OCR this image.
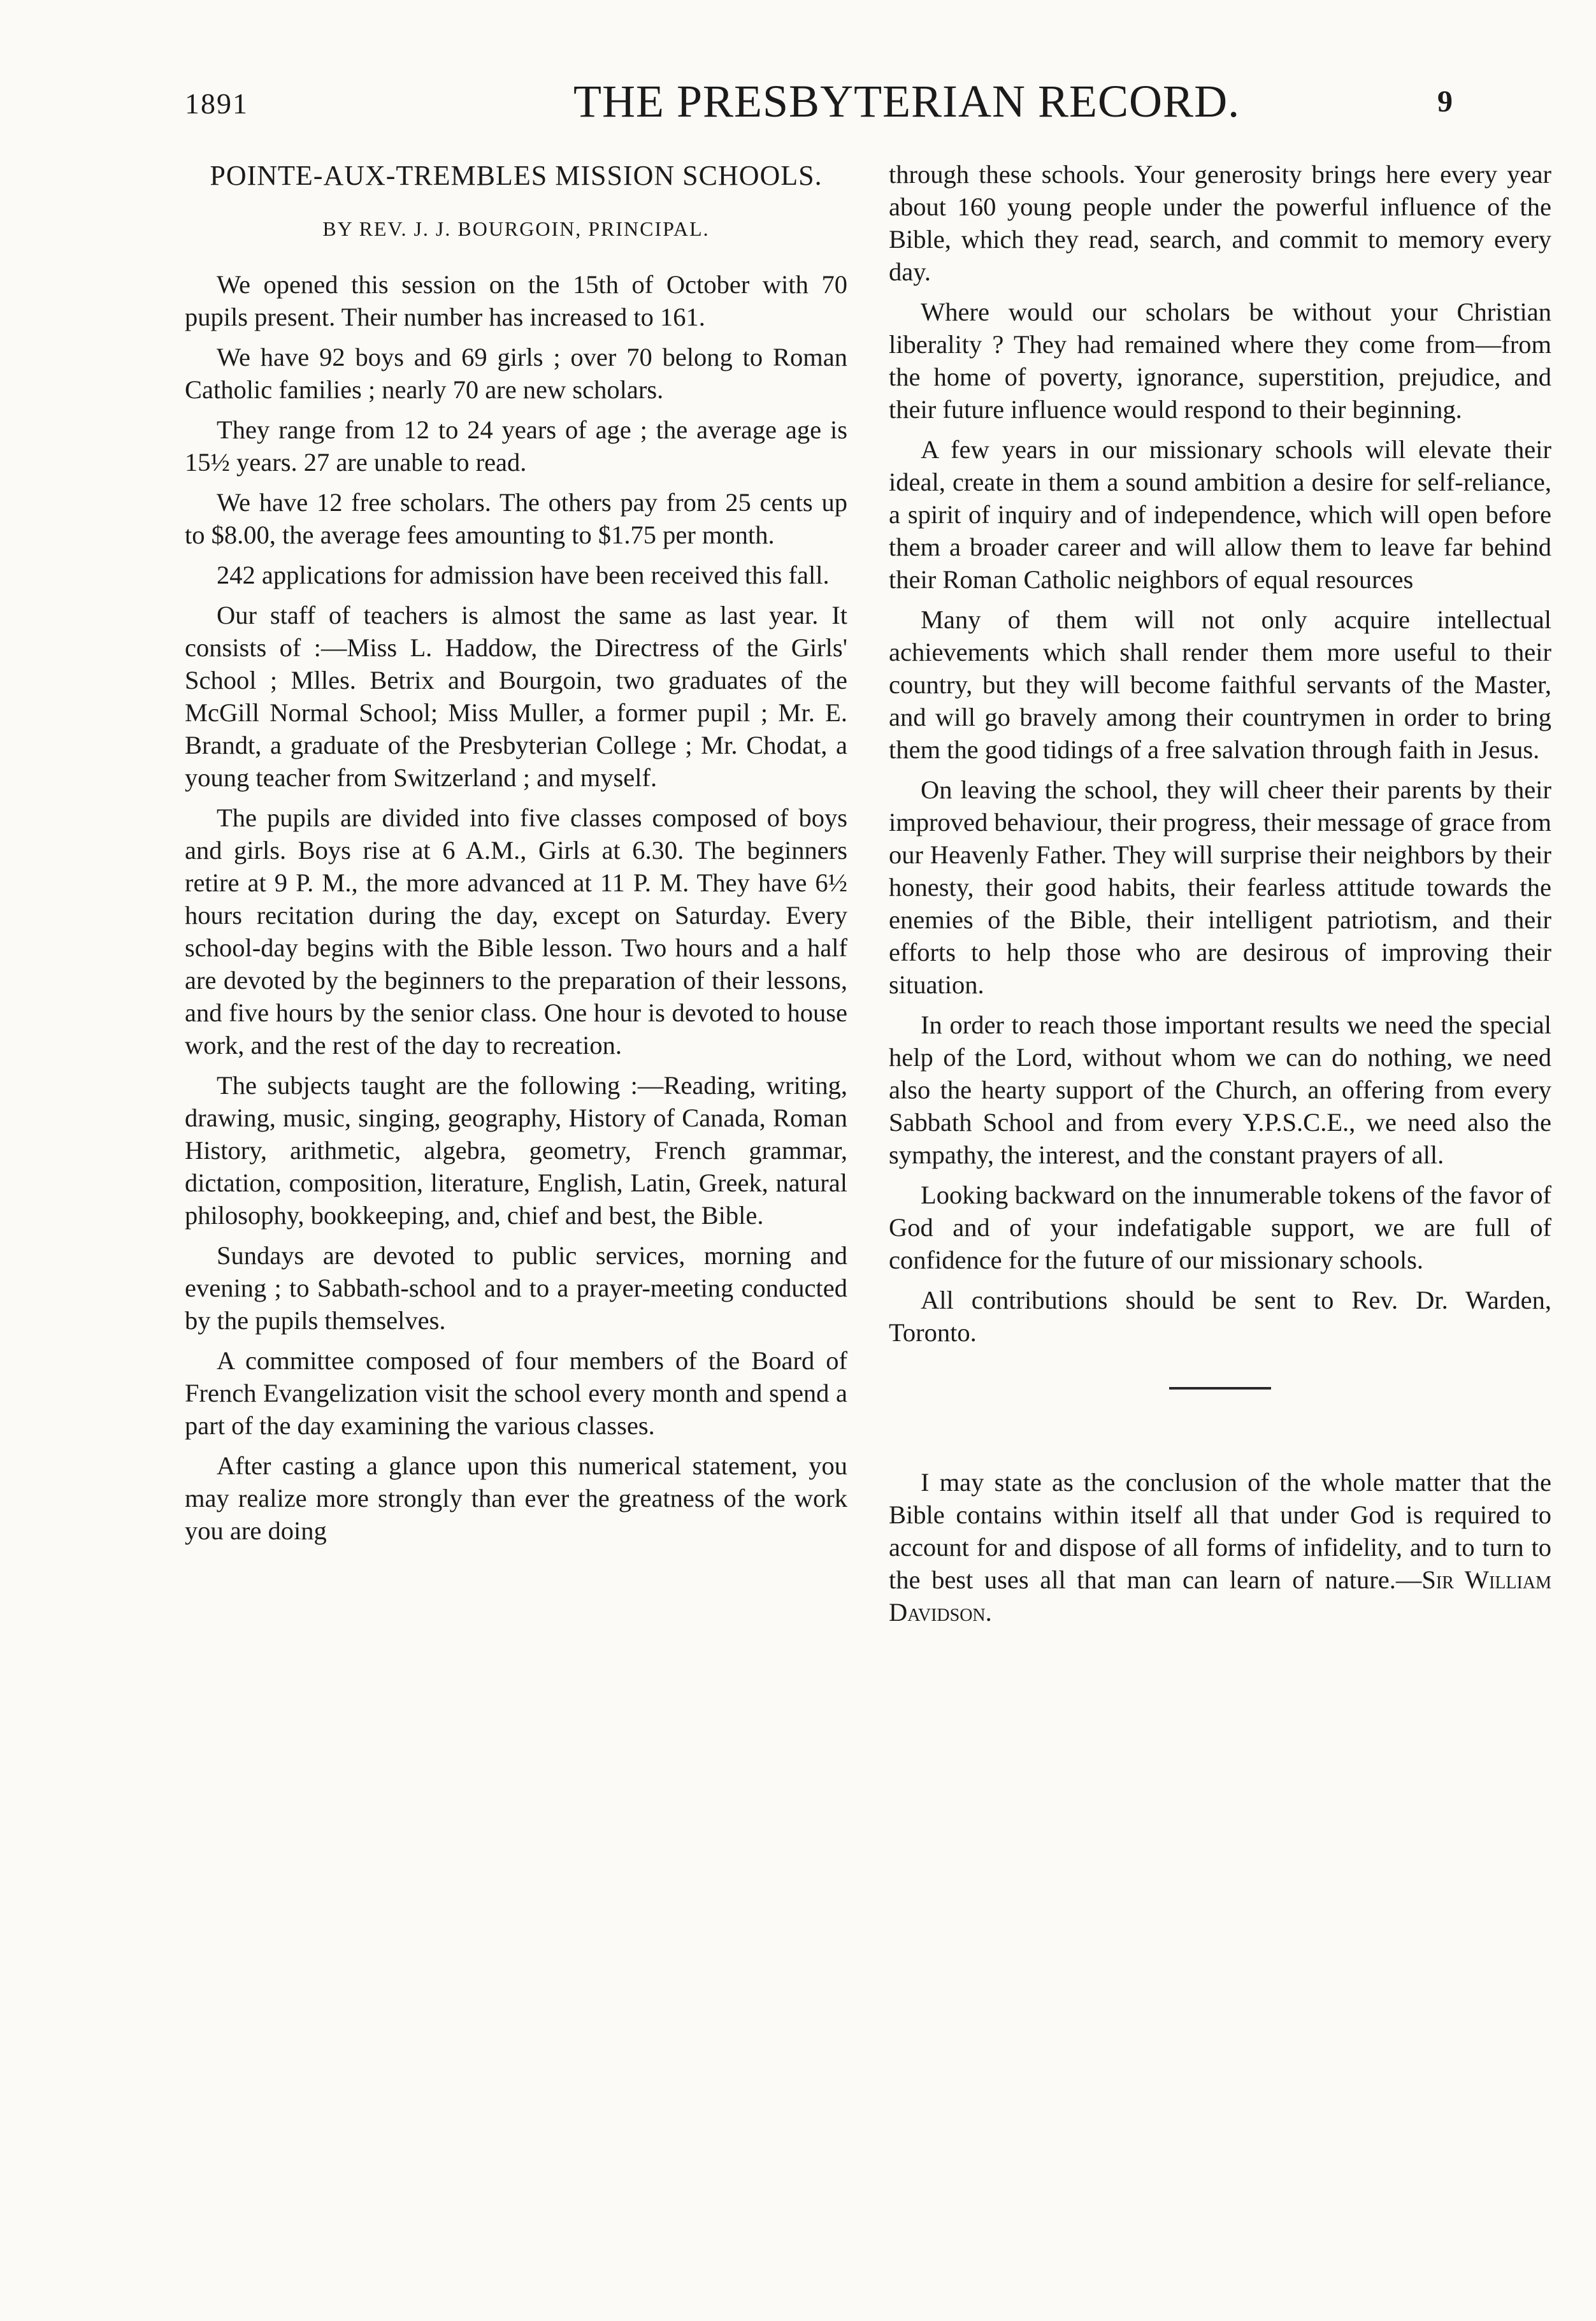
1891	THE PRESBYTERIAN RECORD.	9
POINTE-AUX-TREMBLES MISSION SCHOOLS.
BY REV. J. J. BOURGOIN, PRINCIPAL.

We opened this session on the 15th of October with 70 pupils present. Their number has increased to 161.

We have 92 boys and 69 girls ; over 70 belong to Roman Catholic families ; nearly 70 are new scholars.

They range from 12 to 24 years of age ; the average age is 15½ years. 27 are unable to read.

We have 12 free scholars. The others pay from 25 cents up to $8.00, the average fees amounting to $1.75 per month.

242 applications for admission have been received this fall.

Our staff of teachers is almost the same as last year. It consists of :—Miss L. Haddow, the Directress of the Girls' School ; Mlles. Betrix and Bourgoin, two graduates of the McGill Normal School; Miss Muller, a former pupil ; Mr. E. Brandt, a graduate of the Presbyterian College ; Mr. Chodat, a young teacher from Switzerland ; and myself.

The pupils are divided into five classes composed of boys and girls. Boys rise at 6 A.M., Girls at 6.30. The beginners retire at 9 P. M., the more advanced at 11 P. M. They have 6½ hours recitation during the day, except on Saturday. Every school-day begins with the Bible lesson. Two hours and a half are devoted by the beginners to the preparation of their lessons, and five hours by the senior class. One hour is devoted to house work, and the rest of the day to recreation.

The subjects taught are the following :—Reading, writing, drawing, music, singing, geography, History of Canada, Roman History, arithmetic, algebra, geometry, French grammar, dictation, composition, literature, English, Latin, Greek, natural philosophy, bookkeeping, and, chief and best, the Bible.

Sundays are devoted to public services, morning and evening ; to Sabbath-school and to a prayer-meeting conducted by the pupils themselves.

A committee composed of four members of the Board of French Evangelization visit the school every month and spend a part of the day examining the various classes.

After casting a glance upon this numerical statement, you may realize more strongly than ever the greatness of the work you are doing

through these schools. Your generosity brings here every year about 160 young people under the powerful influence of the Bible, which they read, search, and commit to memory every day.

Where would our scholars be without your Christian liberality ? They had remained where they come from—from the home of poverty, ignorance, superstition, prejudice, and their future influence would respond to their beginning.

A few years in our missionary schools will elevate their ideal, create in them a sound ambition a desire for self-reliance, a spirit of inquiry and of independence, which will open before them a broader career and will allow them to leave far behind their Roman Catholic neighbors of equal resources

Many of them will not only acquire intellectual achievements which shall render them more useful to their country, but they will become faithful servants of the Master, and will go bravely among their countrymen in order to bring them the good tidings of a free salvation through faith in Jesus.

On leaving the school, they will cheer their parents by their improved behaviour, their progress, their message of grace from our Heavenly Father. They will surprise their neighbors by their honesty, their good habits, their fearless attitude towards the enemies of the Bible, their intelligent patriotism, and their efforts to help those who are desirous of improving their situation.

In order to reach those important results we need the special help of the Lord, without whom we can do nothing, we need also the hearty support of the Church, an offering from every Sabbath School and from every Y.P.S.C.E., we need also the sympathy, the interest, and the constant prayers of all.

Looking backward on the innumerable tokens of the favor of God and of your indefatigable support, we are full of confidence for the future of our missionary schools.

All contributions should be sent to Rev. Dr. Warden, Toronto.

I may state as the conclusion of the whole matter that the Bible contains within itself all that under God is required to account for and dispose of all forms of infidelity, and to turn to the best uses all that man can learn of nature.—Sir William Davidson.
